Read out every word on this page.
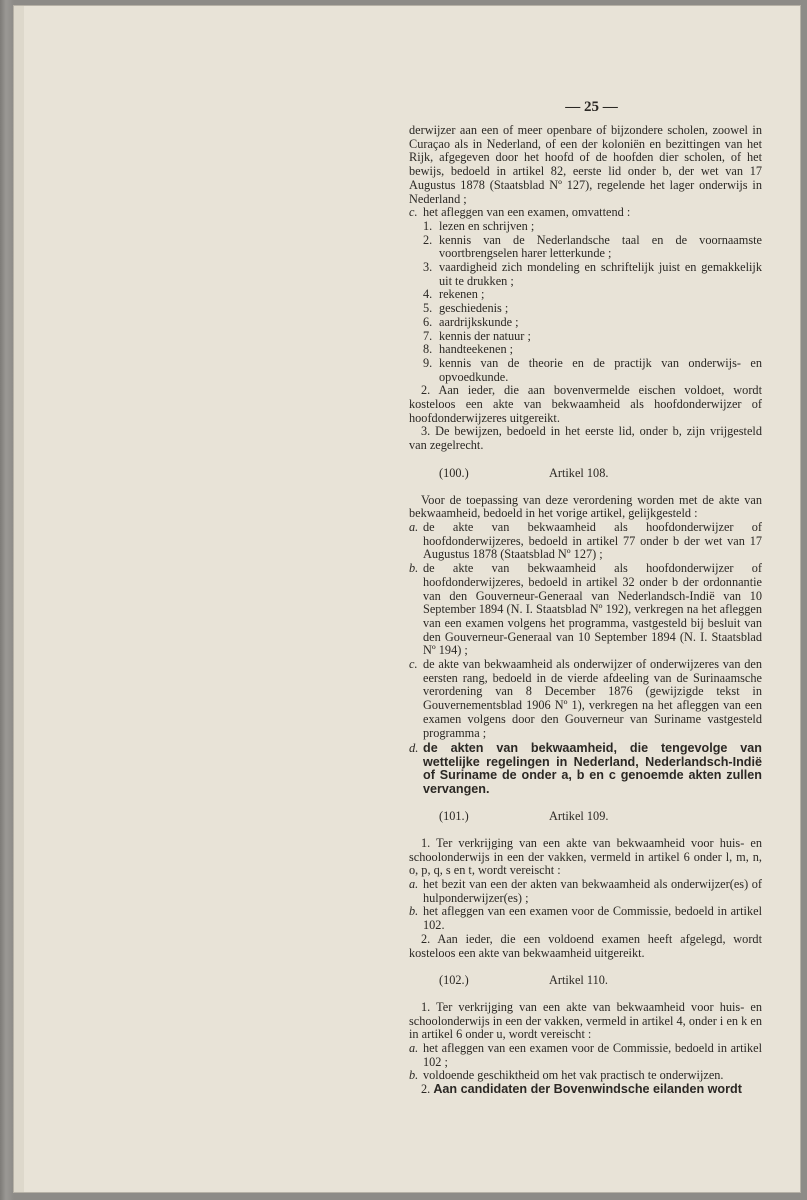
— 25 —

derwijzer aan een of meer openbare of bijzondere scholen, zoowel in Curaçao als in Nederland, of een der koloniën en bezittingen van het Rijk, afgegeven door het hoofd of de hoofden dier scholen, of het bewijs, bedoeld in artikel 82, eerste lid onder b, der wet van 17 Augustus 1878 (Staatsblad Nº 127), regelende het lager onderwijs in Nederland ;

c. het afleggen van een examen, omvattend :
1. lezen en schrijven ;
2. kennis van de Nederlandsche taal en de voornaamste voortbrengselen harer letterkunde ;
3. vaardigheid zich mondeling en schriftelijk juist en gemakkelijk uit te drukken ;
4. rekenen ;
5. geschiedenis ;
6. aardrijkskunde ;
7. kennis der natuur ;
8. handteekenen ;
9. kennis van de theorie en de practijk van onderwijs- en opvoedkunde.

2. Aan ieder, die aan bovenvermelde eischen voldoet, wordt kosteloos een akte van bekwaamheid als hoofdonderwijzer of hoofdonderwijzeres uitgereikt.

3. De bewijzen, bedoeld in het eerste lid, onder b, zijn vrijgesteld van zegelrecht.

(100.)	Artikel 108.

Voor de toepassing van deze verordening worden met de akte van bekwaamheid, bedoeld in het vorige artikel, gelijkgesteld :

a. de akte van bekwaamheid als hoofdonderwijzer of hoofdonderwijzeres, bedoeld in artikel 77 onder b der wet van 17 Augustus 1878 (Staatsblad Nº 127) ;
b. de akte van bekwaamheid als hoofdonderwijzer of hoofdonderwijzeres, bedoeld in artikel 32 onder b der ordonnantie van den Gouverneur-Generaal van Nederlandsch-Indië van 10 September 1894 (N. I. Staatsblad Nº 192), verkregen na het afleggen van een examen volgens het programma, vastgesteld bij besluit van den Gouverneur-Generaal van 10 September 1894 (N. I. Staatsblad Nº 194) ;
c. de akte van bekwaamheid als onderwijzer of onderwijzeres van den eersten rang, bedoeld in de vierde afdeeling van de Surinaamsche verordening van 8 December 1876 (gewijzigde tekst in Gouvernementsblad 1906 Nº 1), verkregen na het afleggen van een examen volgens door den Gouverneur van Suriname vastgesteld programma ;
d. de akten van bekwaamheid, die tengevolge van wettelijke regelingen in Nederland, Nederlandsch-Indië of Suriname de onder a, b en c genoemde akten zullen vervangen.
(101.)	Artikel 109.

1. Ter verkrijging van een akte van bekwaamheid voor huis- en schoolonderwijs in een der vakken, vermeld in artikel 6 onder l, m, n, o, p, q, s en t, wordt vereischt :

a. het bezit van een der akten van bekwaamheid als onderwijzer(es) of hulponderwijzer(es) ;
b. het afleggen van een examen voor de Commissie, bedoeld in artikel 102.

2. Aan ieder, die een voldoend examen heeft afgelegd, wordt kosteloos een akte van bekwaamheid uitgereikt.

(102.)	Artikel 110.

1. Ter verkrijging van een akte van bekwaamheid voor huis- en schoolonderwijs in een der vakken, vermeld in artikel 4, onder i en k en in artikel 6 onder u, wordt vereischt :

a. het afleggen van een examen voor de Commissie, bedoeld in artikel 102 ;
b. voldoende geschiktheid om het vak practisch te onderwijzen.

2. Aan candidaten der Bovenwindsche eilanden wordt
